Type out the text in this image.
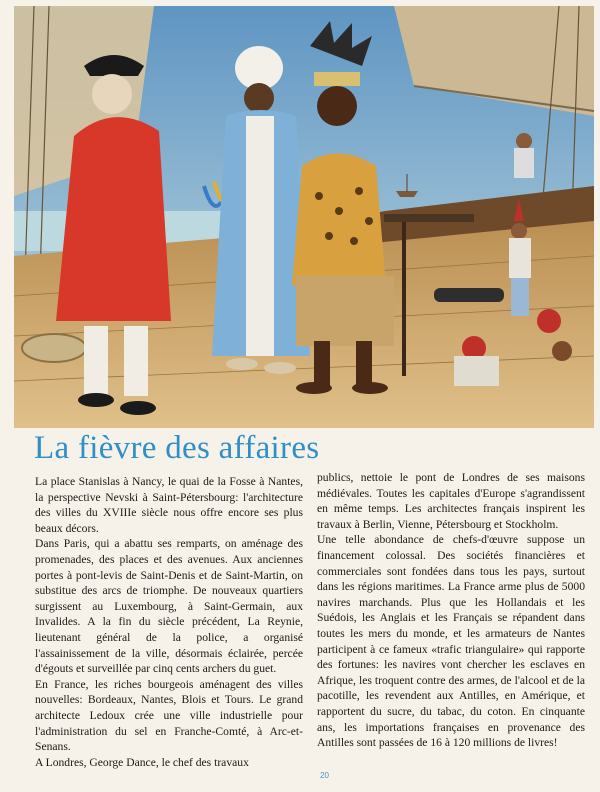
La fièvre des affaires

La place Stanislas à Nancy, le quai de la Fosse à Nantes, la perspective Nevski à Saint-Pétersbourg: l'architecture des villes du XVIIIe siècle nous offre encore ses plus beaux décors.

Dans Paris, qui a abattu ses remparts, on aménage des promenades, des places et des avenues. Aux anciennes portes à pont-levis de Saint-Denis et de Saint-Martin, on substitue des arcs de triomphe. De nouveaux quartiers surgissent au Luxembourg, à Saint-Germain, aux Invalides. A la fin du siècle précédent, La Reynie, lieutenant général de la police, a organisé l'assainissement de la ville, désormais éclairée, percée d'égouts et surveillée par cinq cents archers du guet.

En France, les riches bourgeois aménagent des villes nouvelles: Bordeaux, Nantes, Blois et Tours. Le grand architecte Ledoux crée une ville industrielle pour l'administration du sel en Franche-Comté, à Arc-et-Senans.

A Londres, George Dance, le chef des travaux

publics, nettoie le pont de Londres de ses maisons médiévales. Toutes les capitales d'Europe s'agrandissent en même temps. Les architectes français inspirent les travaux à Berlin, Vienne, Pétersbourg et Stockholm.

Une telle abondance de chefs-d'œuvre suppose un financement colossal. Des sociétés financières et commerciales sont fondées dans tous les pays, surtout dans les régions maritimes. La France arme plus de 5000 navires marchands. Plus que les Hollandais et les Suédois, les Anglais et les Français se répandent dans toutes les mers du monde, et les armateurs de Nantes participent à ce fameux «trafic triangulaire» qui rapporte des fortunes: les navires vont chercher les esclaves en Afrique, les troquent contre des armes, de l'alcool et de la pacotille, les revendent aux Antilles, en Amérique, et rapportent du sucre, du tabac, du coton. En cinquante ans, les importations françaises en provenance des Antilles sont passées de 16 à 120 millions de livres!

20
